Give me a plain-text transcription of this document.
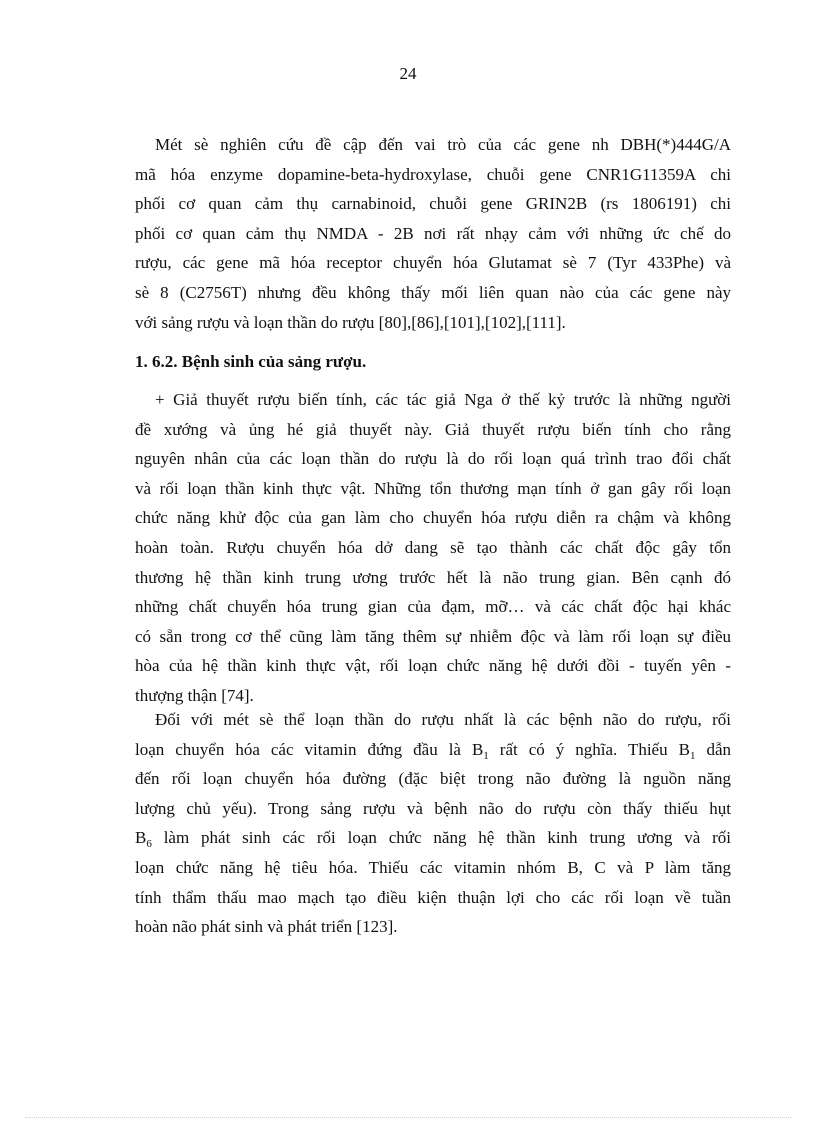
24

Mét sè nghiên cứu đề cập đến vai trò của các gene nh DBH(*)444G/A
mã hóa enzyme dopamine-beta-hydroxylase, chuỗi gene CNR1G11359A chi
phối cơ quan cảm thụ carnabinoid, chuỗi gene GRIN2B (rs 1806191) chi
phối cơ quan cảm thụ NMDA - 2B nơi rất nhạy cảm với những ức chế do
rượu, các gene mã hóa receptor chuyển hóa Glutamat sè 7 (Tyr 433Phe) và
sè 8 (C2756T) nhưng đều không thấy mối liên quan nào của các gene này
với sảng rượu và loạn thần do rượu [80],[86],[101],[102],[111].

1. 6.2. Bệnh sinh của sảng rượu.

+ Giả thuyết rượu biến tính, các tác giả Nga ở thế kỷ trước là những người
đề xướng và ủng hé giả thuyết này. Giả thuyết rượu biến tính cho rằng
nguyên nhân của các loạn thần do rượu là do rối loạn quá trình trao đổi chất
và rối loạn thần kinh thực vật. Những tổn thương mạn tính ở gan gây rối loạn
chức năng khử độc của gan làm cho chuyển hóa rượu diễn ra chậm và không
hoàn toàn. Rượu chuyển hóa dở dang sẽ tạo thành các chất độc gây tổn
thương hệ thần kinh trung ương trước hết là não trung gian. Bên cạnh đó
những chất chuyển hóa trung gian của đạm, mỡ… và các chất độc hại khác
có sẵn trong cơ thể cũng làm tăng thêm sự nhiễm độc và làm rối loạn sự điều
hòa của hệ thần kinh thực vật, rối loạn chức năng hệ dưới đồi - tuyến yên -
thượng thận [74].

Đối với mét sè thể loạn thần do rượu nhất là các bệnh não do rượu, rối
loạn chuyển hóa các vitamin đứng đầu là $B_1$ rất có ý nghĩa. Thiếu $B_1$ dẫn
đến rối loạn chuyển hóa đường (đặc biệt trong não đường là nguồn năng
lượng chủ yếu). Trong sảng rượu và bệnh não do rượu còn thấy thiếu hụt
$B_6$ làm phát sinh các rối loạn chức năng hệ thần kinh trung ương và rối
loạn chức năng hệ tiêu hóa. Thiếu các vitamin nhóm B, C và P làm tăng
tính thẩm thấu mao mạch tạo điều kiện thuận lợi cho các rối loạn về tuần
hoàn não phát sinh và phát triển [123].
